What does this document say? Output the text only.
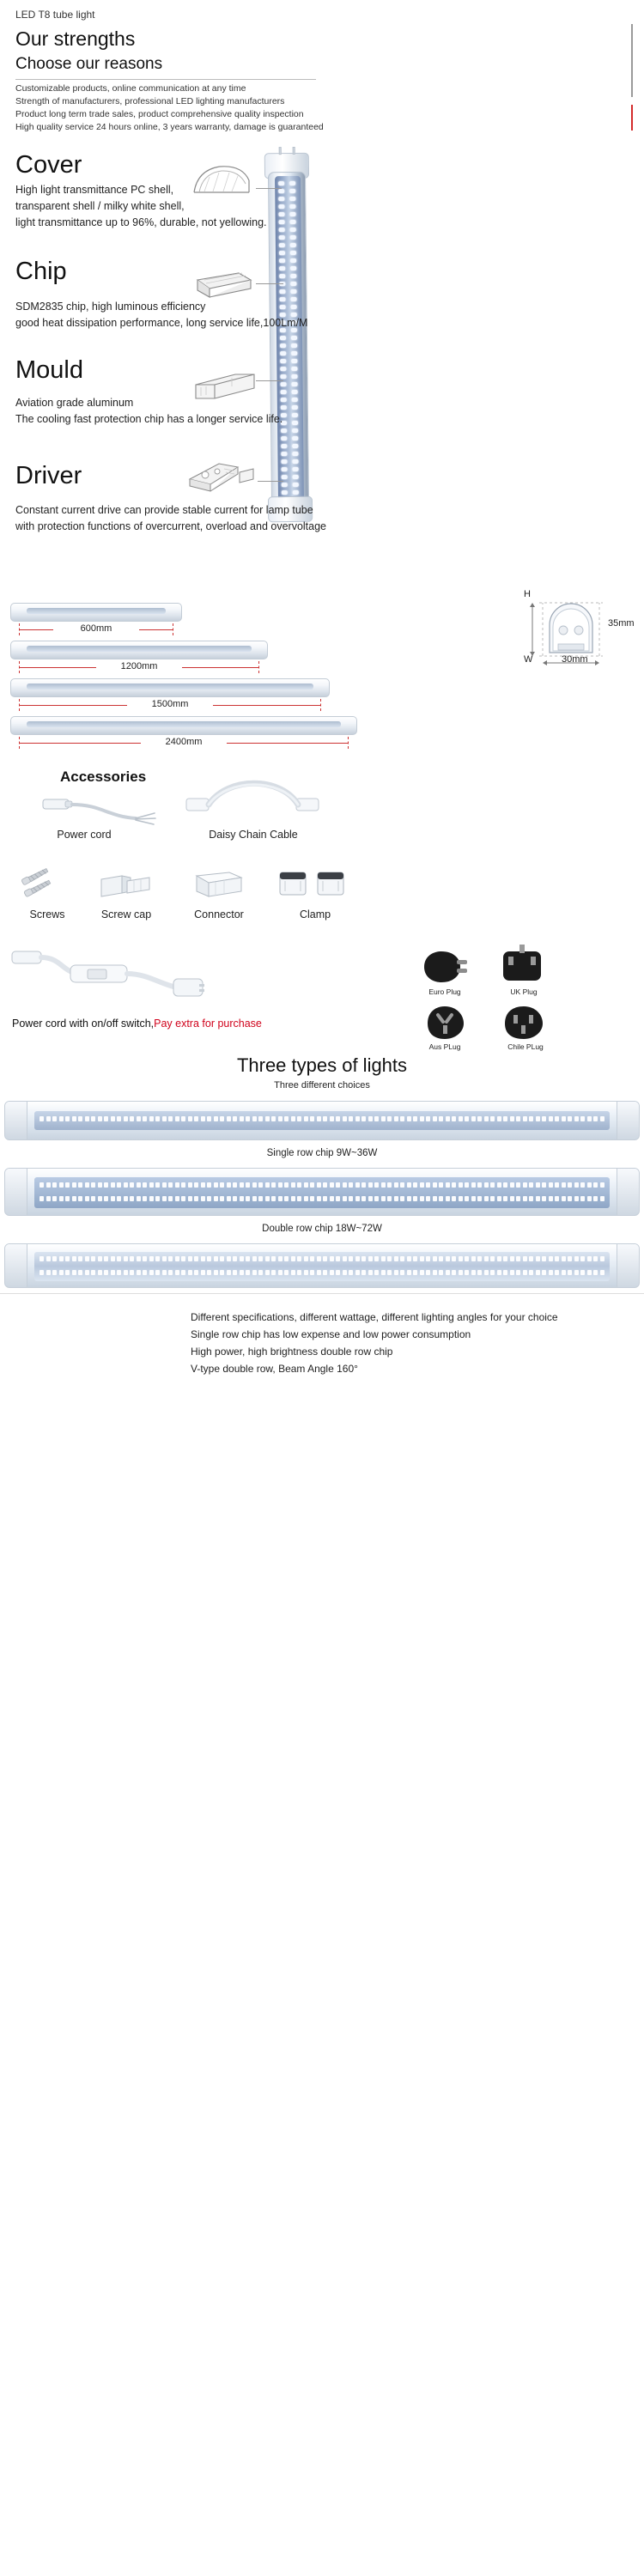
LED T8 tube light
Our strengths
Choose our reasons
Customizable products, online communication at any time
Strength of manufacturers, professional LED lighting manufacturers
Product long term trade sales, product comprehensive quality inspection
High quality service 24 hours online, 3 years warranty, damage is guaranteed
Cover
High light transmittance PC shell,
transparent shell / milky white shell,
light transmittance up to 96%, durable, not yellowing.
Chip
SDM2835 chip, high luminous efficiency
good heat dissipation performance, long service life,100Lm/M
Mould
Aviation grade aluminum
The cooling fast protection chip has a longer service life.
Driver
Constant current drive can provide stable current for lamp tube
with protection functions of overcurrent, overload and overvoltage
600mm
1200mm
1500mm
2400mm
H
W
35mm
30mm
Accessories
Power cord	Daisy Chain Cable
Screws	Screw cap	Connector	Clamp
Euro Plug	UK Plug
Aus PLug	Chile PLug
Power cord with on/off switch,Pay extra for purchase
Three types of lights
Three different choices
Single row chip 9W~36W
Double row chip 18W~72W
Different specifications, different wattage, different lighting angles for your choice
Single row chip has low expense and low power consumption
High power, high brightness double row chip
V-type double row, Beam Angle 160°
